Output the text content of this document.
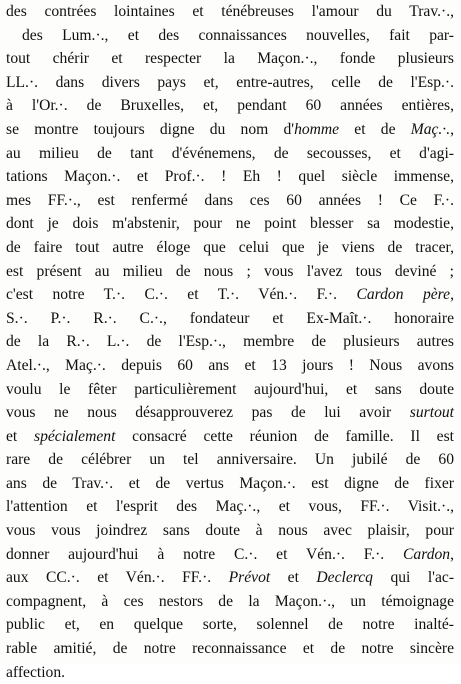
des contrées lointaines et ténébreuses l'amour du Trav.·.,
des Lum.·., et des connaissances nouvelles, fait par-
tout chérir et respecter la Maçon.·., fonde plusieurs
LL.·. dans divers pays et, entre-autres, celle de l'Esp.·.
à l'Or.·. de Bruxelles, et, pendant 60 années entières,
se montre toujours digne du nom d'homme et de Maç.·.,
au milieu de tant d'événemens, de secousses, et d'agi-
tations Maçon.·. et Prof.·. ! Eh ! quel siècle immense,
mes FF.·., est renfermé dans ces 60 années ! Ce F.·.
dont je dois m'abstenir, pour ne point blesser sa modestie,
de faire tout autre éloge que celui que je viens de tracer,
est présent au milieu de nous ; vous l'avez tous deviné ;
c'est notre T.·. C.·. et T.·. Vén.·. F.·. Cardon père,
S.·. P.·. R.·. C.·., fondateur et Ex-Maît.·. honoraire
de la R.·. L.·. de l'Esp.·., membre de plusieurs autres
Atel.·., Maç.·. depuis 60 ans et 13 jours ! Nous avons
voulu le fêter particulièrement aujourd'hui, et sans doute
vous ne nous désapprouverez pas de lui avoir surtout
et spécialement consacré cette réunion de famille. Il est
rare de célébrer un tel anniversaire. Un jubilé de 60
ans de Trav.·. et de vertus Maçon.·. est digne de fixer
l'attention et l'esprit des Maç.·., et vous, FF.·. Visit.·.,
vous vous joindrez sans doute à nous avec plaisir, pour
donner aujourd'hui à notre C.·. et Vén.·. F.·. Cardon,
aux CC.·. et Vén.·. FF.·. Prévot et Declercq qui l'ac-
compagnent, à ces nestors de la Maçon.·., un témoignage
public et, en quelque sorte, solennel de notre inalté-
rable amitié, de notre reconnaissance et de notre sincère
affection.
